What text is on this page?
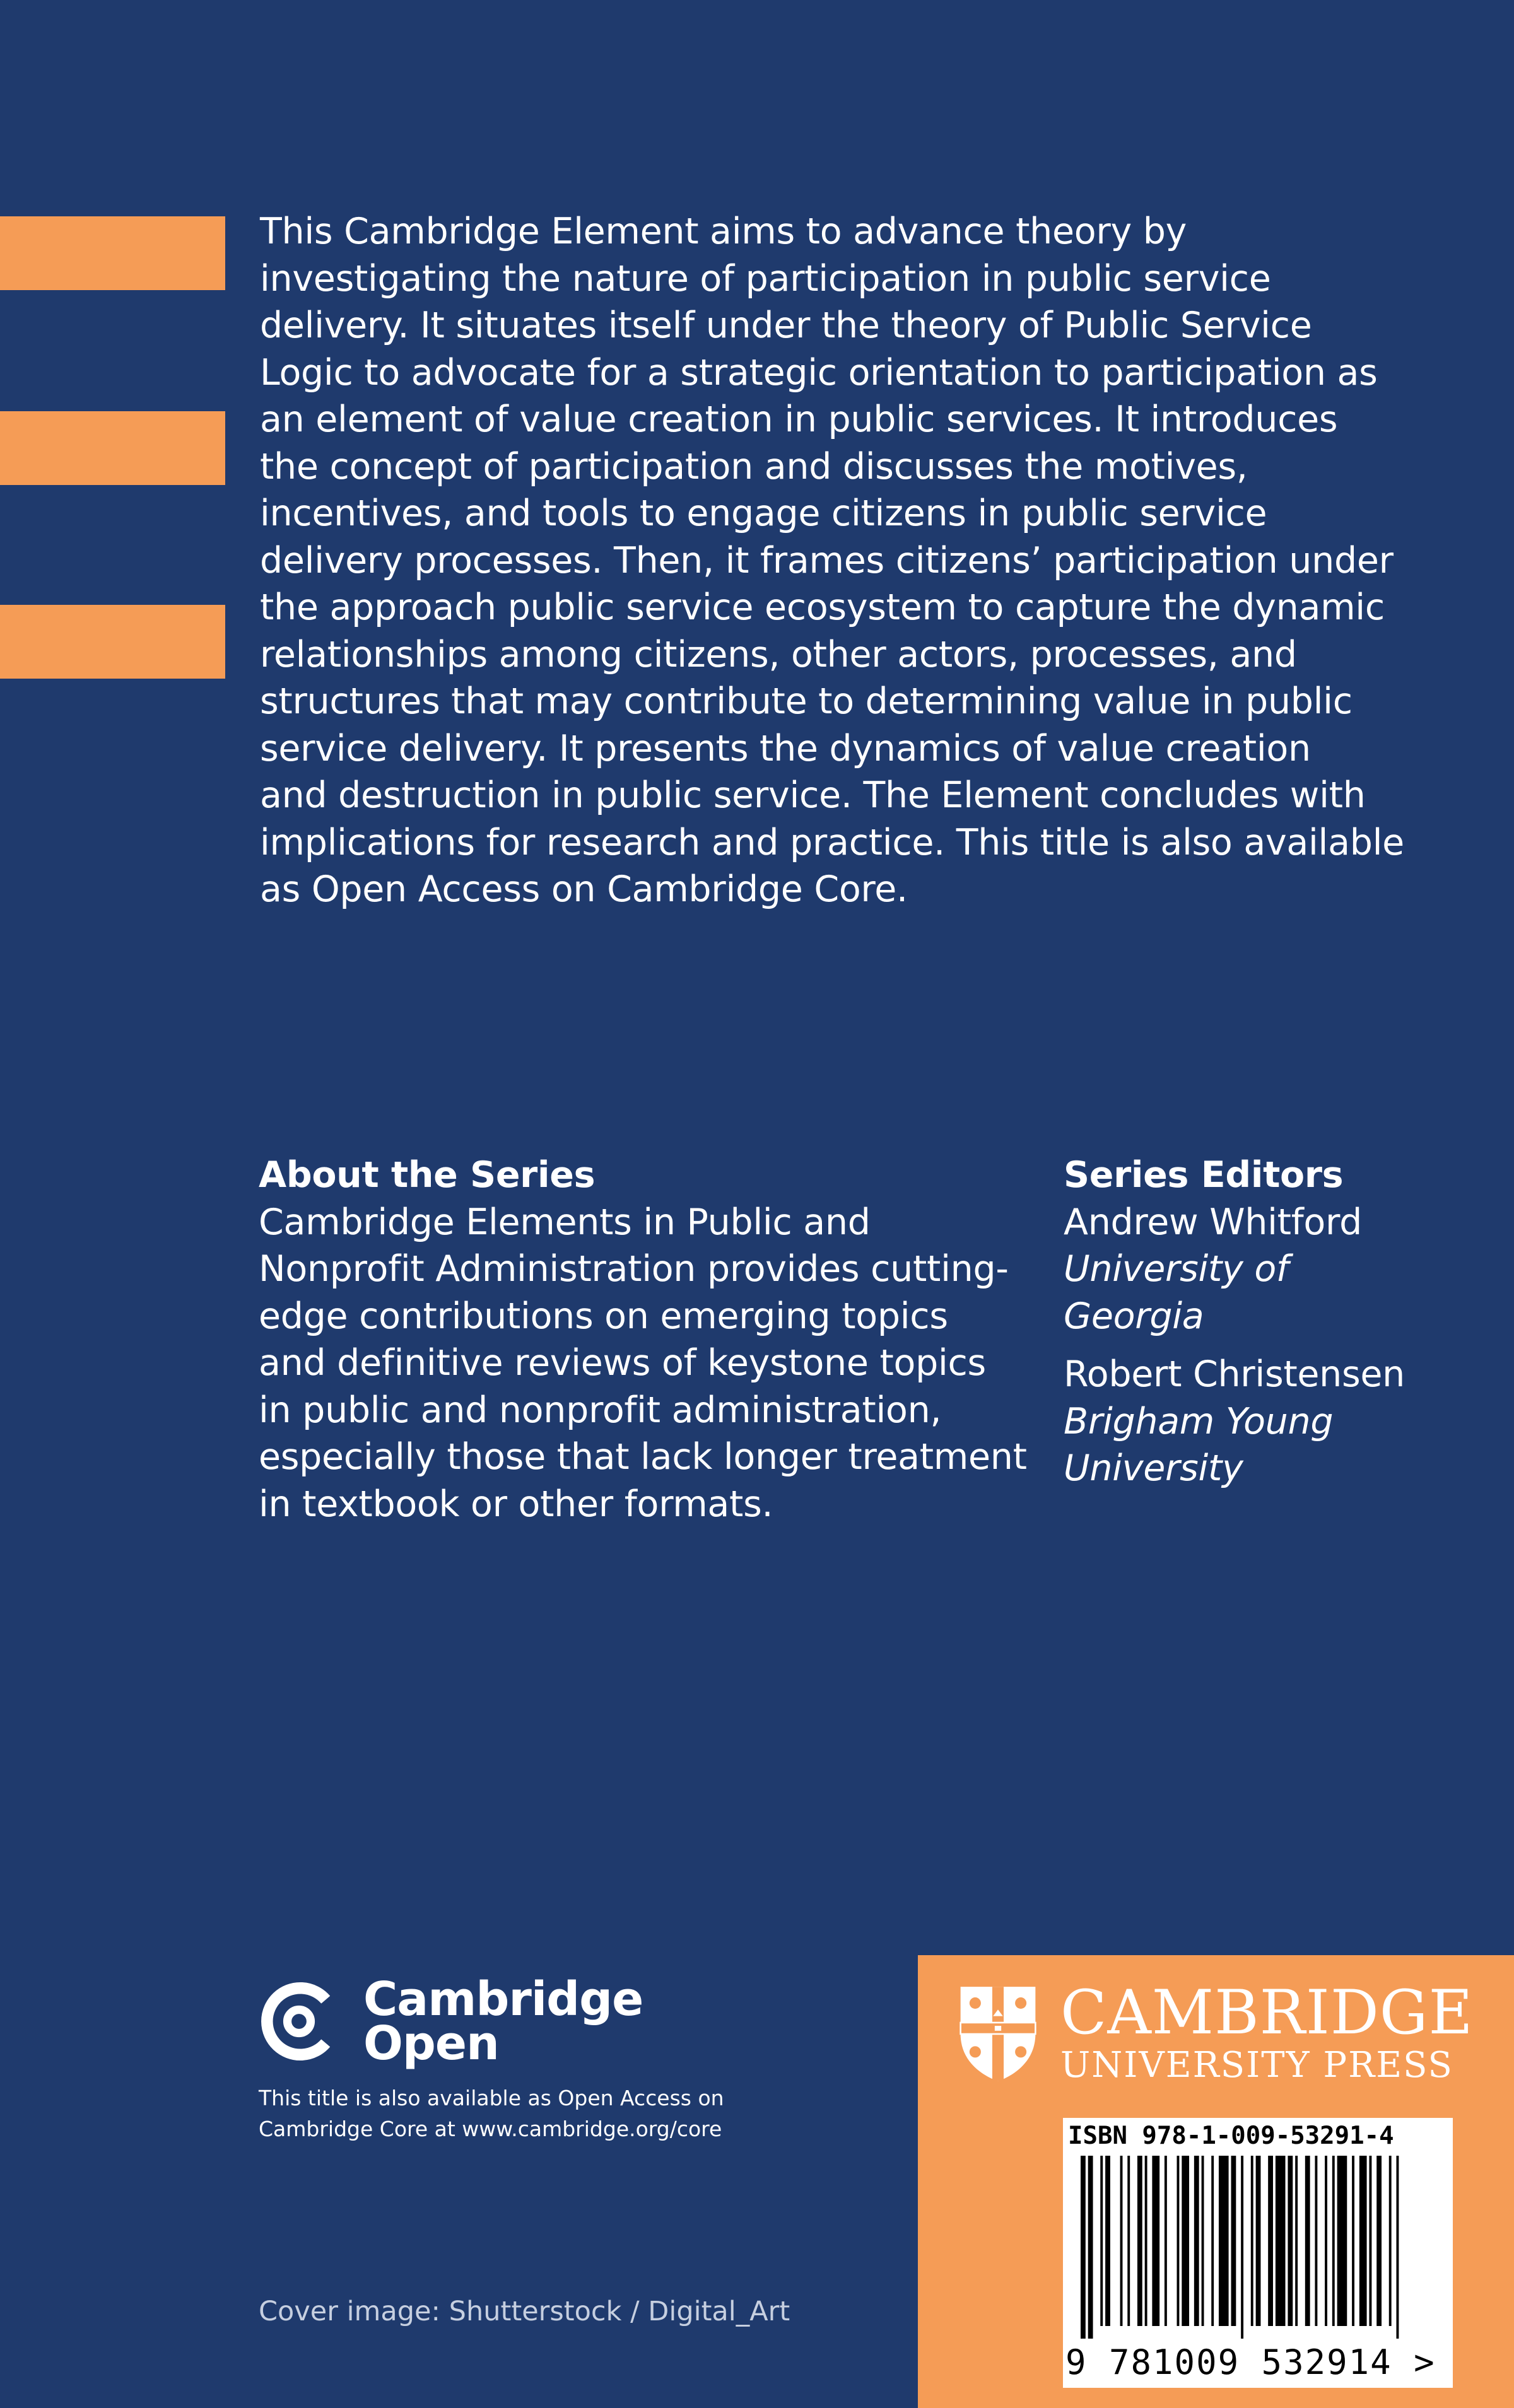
This Cambridge Element aims to advance theory by

investigating the nature of participation in public service

delivery. It situates itself under the theory of Public Service

Logic to advocate for a strategic orientation to participation as

an element of value creation in public services. It introduces

the concept of participation and discusses the motives,

incentives, and tools to engage citizens in public service

delivery processes. Then, it frames citizens’ participation under

the approach public service ecosystem to capture the dynamic

relationships among citizens, other actors, processes, and

structures that may contribute to determining value in public

service delivery. It presents the dynamics of value creation

and destruction in public service. The Element concludes with

implications for research and practice. This title is also available

as Open Access on Cambridge Core.

About the Series
Cambridge Elements in Public and
Nonprofit Administration provides cutting-
edge contributions on emerging topics
and definitive reviews of keystone topics
in public and nonprofit administration,
especially those that lack longer treatment
in textbook or other formats.
Series Editors
Andrew Whitford
University of
Georgia
Robert Christensen
Brigham Young
University
Cambridge
Open
This title is also available as Open Access on
Cambridge Core at www.cambridge.org/core
Cover image: Shutterstock / Digital_Art
CAMBRIDGE
UNIVERSITY PRESS
ISBN 978-1-009-53291-4
9 781009 532914 >
